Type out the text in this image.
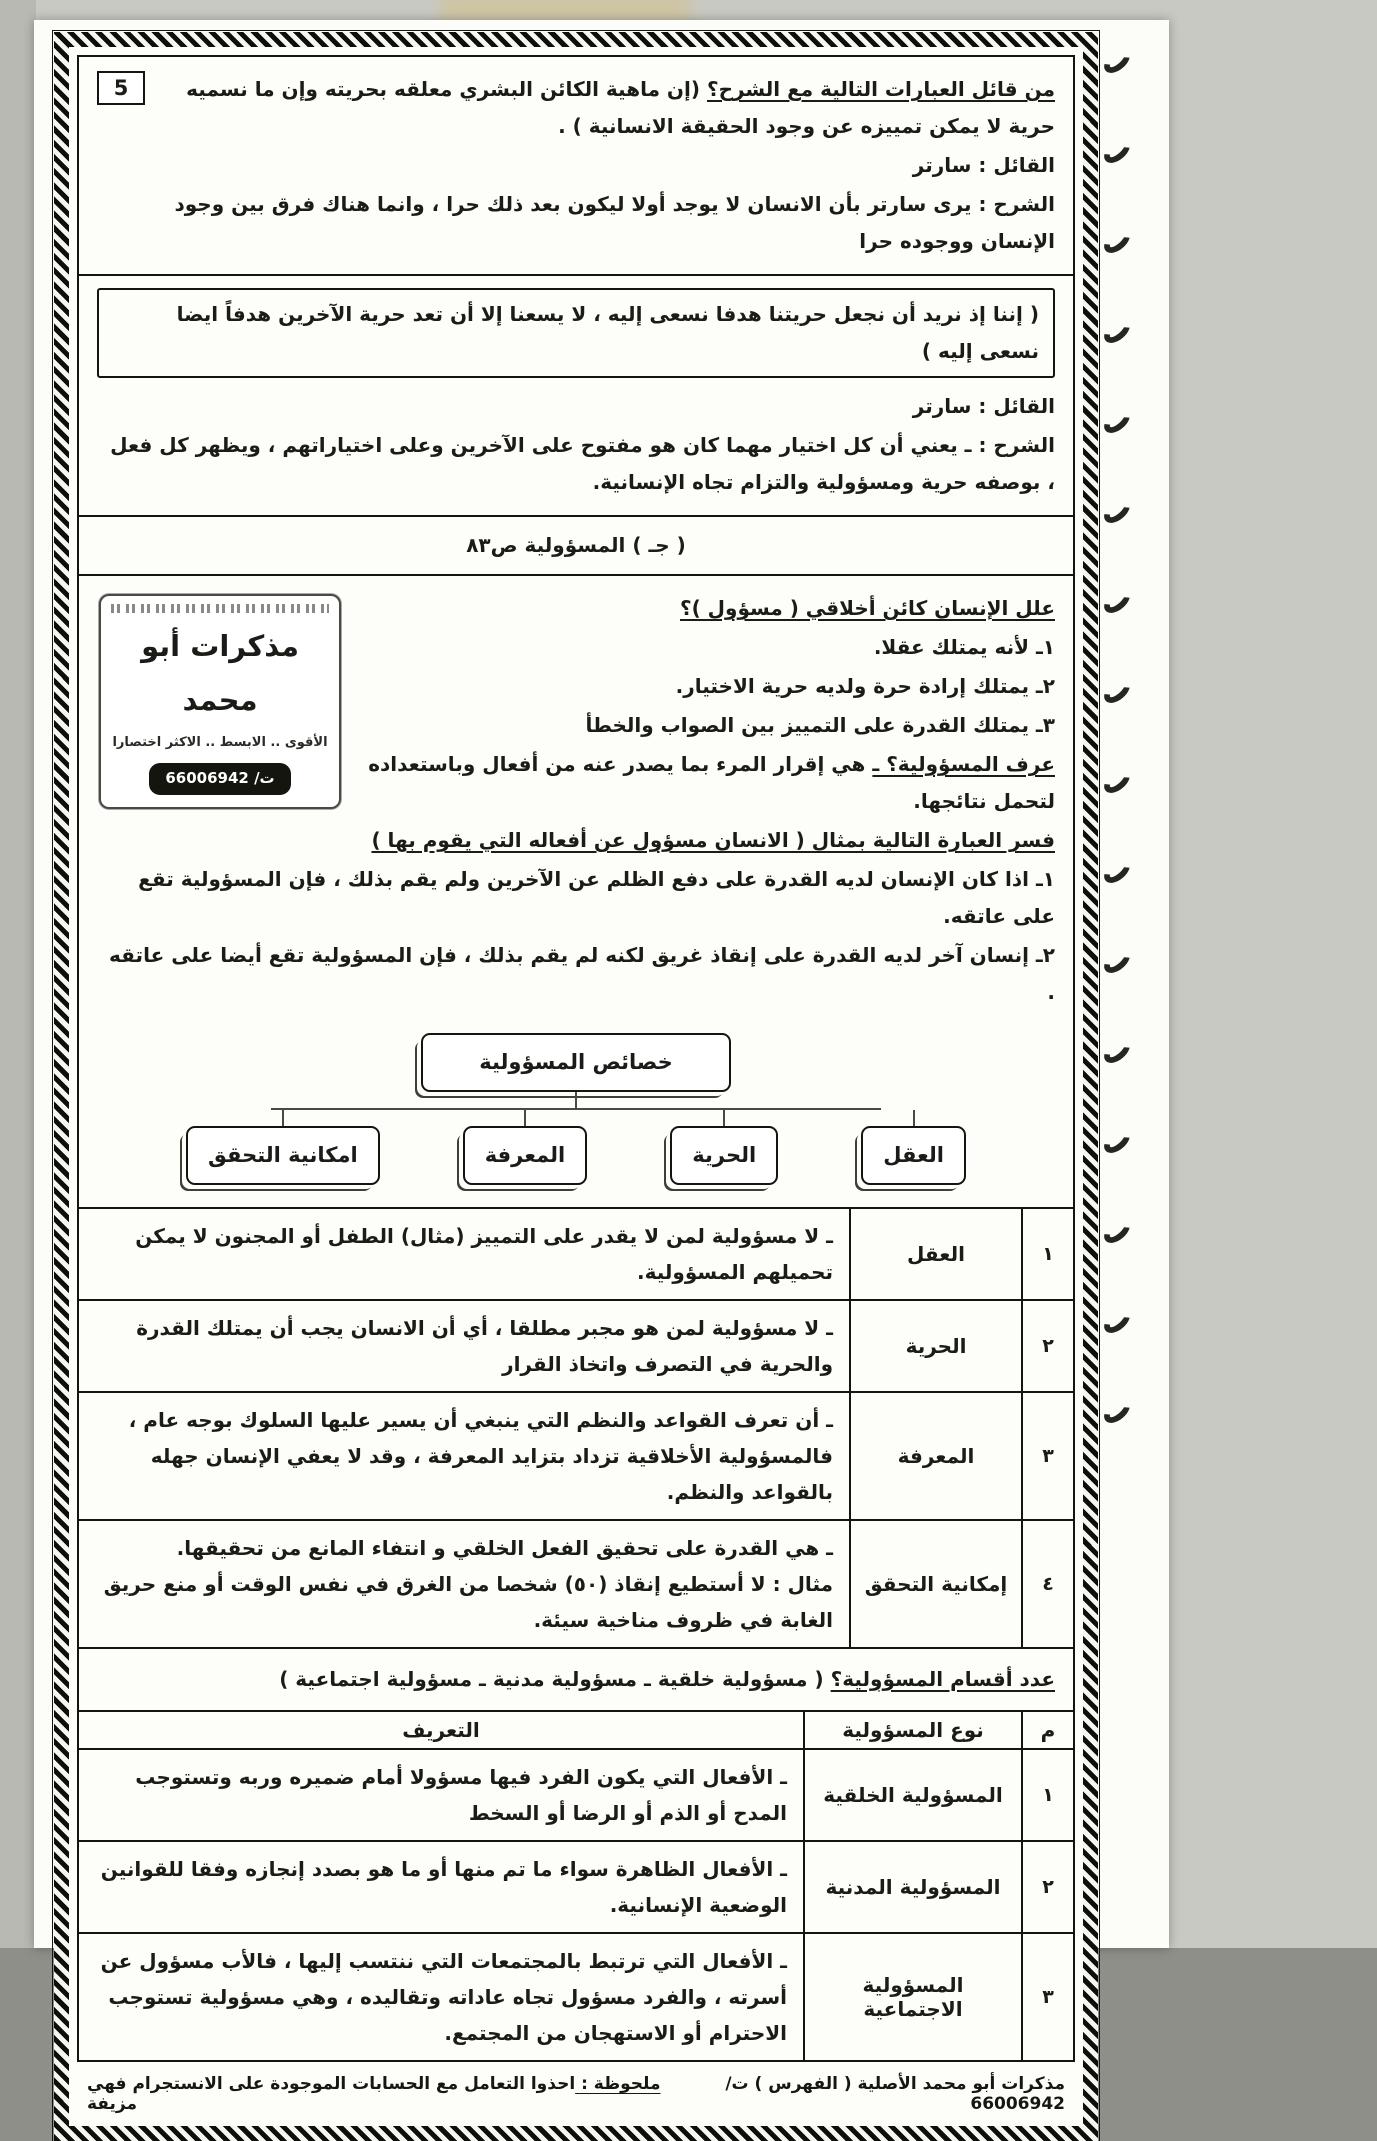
5	من قائل العبارات التالية مع الشرح؟ (إن ماهية الكائن البشري معلقه بحريته وإن ما نسميه حرية لا يمكن تمييزه عن وجود الحقيقة الانسانية ) .

القائل : سارتر

الشرح : يرى سارتر بأن الانسان لا يوجد أولا ليكون بعد ذلك حرا ، وانما هناك فرق بين وجود الإنسان ووجوده حرا

( إننا إذ نريد أن نجعل حريتنا هدفا نسعى إليه ، لا يسعنا إلا أن تعد حرية الآخرين هدفاً ايضا نسعى إليه )

القائل : سارتر

الشرح : ـ يعني أن كل اختيار مهما كان هو مفتوح على الآخرين وعلى اختياراتهم ، ويظهر كل فعل ، بوصفه حرية ومسؤولية والتزام تجاه الإنسانية.

( جـ ) المسؤولية ص٨٣
مذكرات أبو محمد
الأقوى .. الابسط .. الاكثر اختصارا
ت/ 66006942

علل الإنسان كائن أخلاقي ( مسؤول )؟

١ـ لأنه يمتلك عقلا.

٢ـ يمتلك إرادة حرة ولديه حرية الاختيار.

٣ـ يمتلك القدرة على التمييز بين الصواب والخطأ

عرف المسؤولية؟ ـ هي إقرار المرء بما يصدر عنه من أفعال وباستعداده لتحمل نتائجها.

فسر العبارة التالية بمثال ( الانسان مسؤول عن أفعاله التي يقوم بها )

١ـ اذا كان الإنسان لديه القدرة على دفع الظلم عن الآخرين ولم يقم بذلك ، فإن المسؤولية تقع على عاتقه.

٢ـ إنسان آخر لديه القدرة على إنقاذ غريق لكنه لم يقم بذلك ، فإن المسؤولية تقع أيضا على عاتقه .

خصائص المسؤولية
العقل
الحرية
المعرفة
امكانية التحقق
١
العقل
ـ لا مسؤولية لمن لا يقدر على التمييز (مثال) الطفل أو المجنون لا يمكن تحميلهم المسؤولية.
٢
الحرية
ـ لا مسؤولية لمن هو مجبر مطلقا ، أي أن الانسان يجب أن يمتلك القدرة والحرية في التصرف واتخاذ القرار
٣
المعرفة
ـ أن تعرف القواعد والنظم التي ينبغي أن يسير عليها السلوك بوجه عام ، فالمسؤولية الأخلاقية تزداد بتزايد المعرفة ، وقد لا يعفي الإنسان جهله بالقواعد والنظم.
٤
إمكانية التحقق
ـ هي القدرة على تحقيق الفعل الخلقي و انتفاء المانع من تحقيقها.
مثال : لا أستطيع إنقاذ (٥٠) شخصا من الغرق في نفس الوقت أو منع حريق الغابة في ظروف مناخية سيئة.
عدد أقسام المسؤولية؟ ( مسؤولية خلقية ـ مسؤولية مدنية ـ مسؤولية اجتماعية )
م
نوع المسؤولية
التعريف
١
المسؤولية الخلقية
ـ الأفعال التي يكون الفرد فيها مسؤولا أمام ضميره وربه وتستوجب المدح أو الذم أو الرضا أو السخط
٢
المسؤولية المدنية
ـ الأفعال الظاهرة سواء ما تم منها أو ما هو بصدد إنجازه وفقا للقوانين الوضعية الإنسانية.
٣
المسؤولية الاجتماعية
ـ الأفعال التي ترتبط بالمجتمعات التي ننتسب إليها ، فالأب مسؤول عن أسرته ، والفرد مسؤول تجاه عاداته وتقاليده ، وهي مسؤولية تستوجب الاحترام أو الاستهجان من المجتمع.
مذكرات أبو محمد الأصلية ( الفهرس ) ت/ 66006942
ملحوظة : احذوا التعامل مع الحسابات الموجودة على الانستجرام فهي مزيفة
